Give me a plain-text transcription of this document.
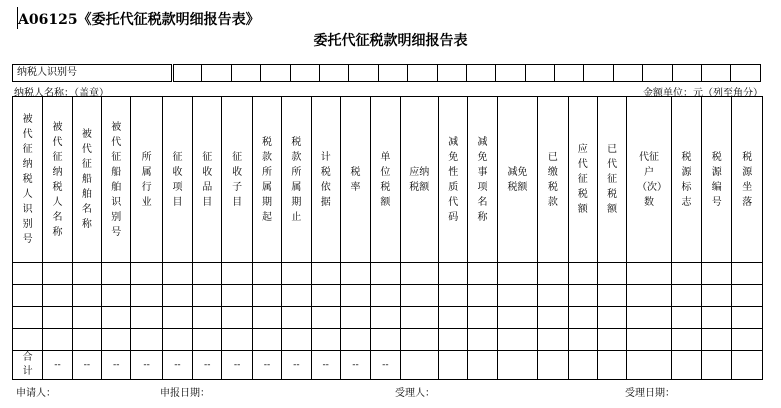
A06125《委托代征税款明细报告表》
委托代征税款明细报告表
纳税人识别号
纳税人名称：（盖章）	金额单位：元（列至角分）
被代征纳税人识别号	被代征纳税人名称	被代征船舶名称	被代征船舶识别号	所属行业	征收项目	征收品目	征收子目	税款所属期起	税款所属期止	计税依据	税率	单位税额	应纳税额	减免性质代码	减免事项名称	减免税额	已缴税款	应代征税额	已代征税额	代征户（次）数	税源标志	税源编号	税源坐落

合计	--	--	--	--	--	--	--	--	--	--	--	--											
申请人：	申报日期：	受理人：	受理日期：
